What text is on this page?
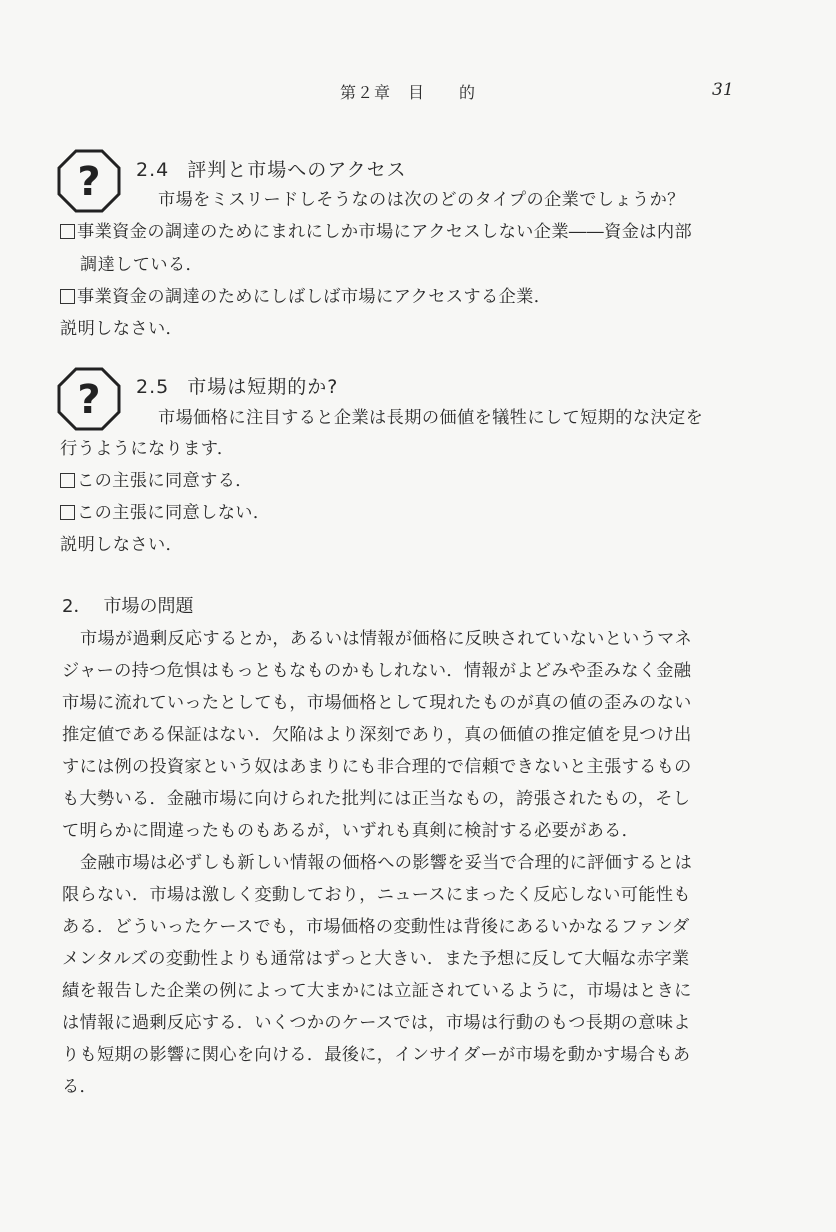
第２章　目　　的	31
? 2.4 評判と市場へのアクセス
市場をミスリードしそうなのは次のどのタイプの企業でしょうか？
事業資金の調達のためにまれにしか市場にアクセスしない企業――資金は内部
調達している．
事業資金の調達のためにしばしば市場にアクセスする企業．
説明しなさい．
? 2.5 市場は短期的か?
市場価格に注目すると企業は長期の価値を犠牲にして短期的な決定を
行うようになります．
この主張に同意する．
この主張に同意しない．
説明しなさい．
2． 市場の問題
市場が過剰反応するとか，あるいは情報が価格に反映されていないというマネ
ジャーの持つ危惧はもっともなものかもしれない．情報がよどみや歪みなく金融
市場に流れていったとしても，市場価格として現れたものが真の値の歪みのない
推定値である保証はない．欠陥はより深刻であり，真の価値の推定値を見つけ出
すには例の投資家という奴はあまりにも非合理的で信頼できないと主張するもの
も大勢いる．金融市場に向けられた批判には正当なもの，誇張されたもの，そし
て明らかに間違ったものもあるが，いずれも真剣に検討する必要がある．
金融市場は必ずしも新しい情報の価格への影響を妥当で合理的に評価するとは
限らない．市場は激しく変動しており，ニュースにまったく反応しない可能性も
ある．どういったケースでも，市場価格の変動性は背後にあるいかなるファンダ
メンタルズの変動性よりも通常はずっと大きい．また予想に反して大幅な赤字業
績を報告した企業の例によって大まかには立証されているように，市場はときに
は情報に過剰反応する．いくつかのケースでは，市場は行動のもつ長期の意味よ
りも短期の影響に関心を向ける．最後に，インサイダーが市場を動かす場合もあ
る．
